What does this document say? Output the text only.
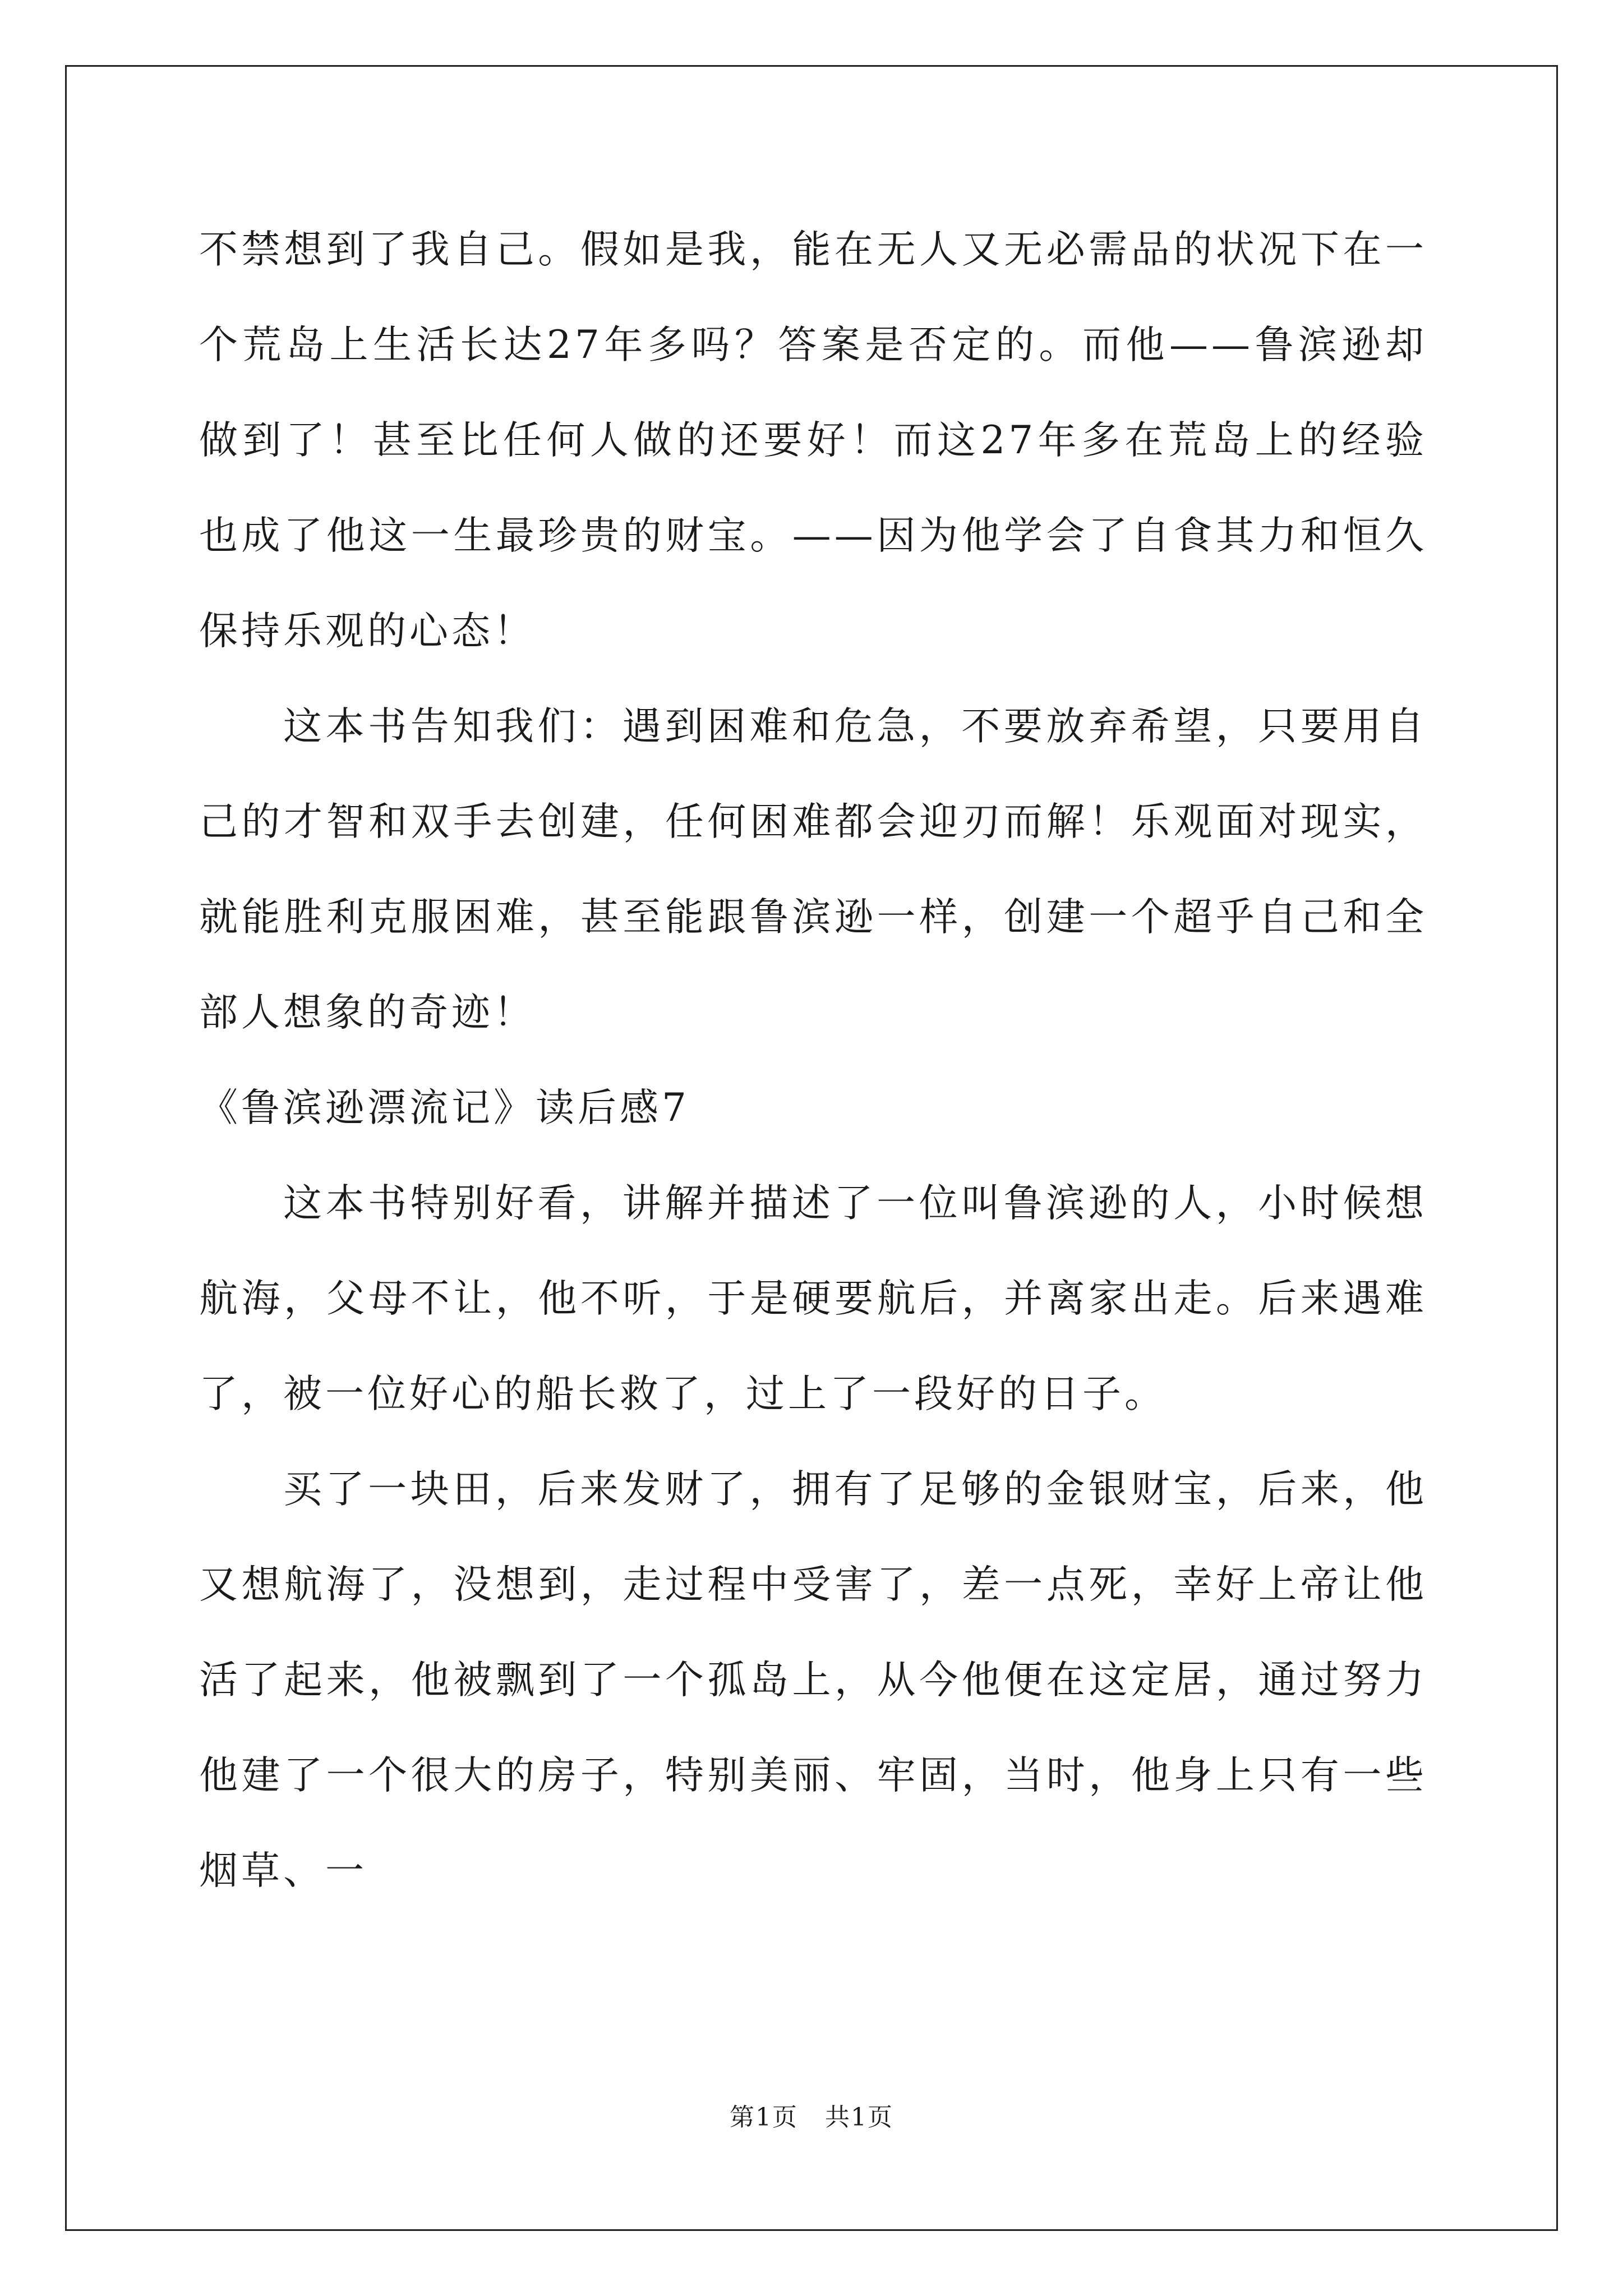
不禁想到了我自己。假如是我，能在无人又无必需品的状况下在一个荒岛上生活长达27年多吗？答案是否定的。而他——鲁滨逊却做到了！甚至比任何人做的还要好！而这27年多在荒岛上的经验也成了他这一生最珍贵的财宝。——因为他学会了自食其力和恒久保持乐观的心态！

这本书告知我们：遇到困难和危急，不要放弃希望，只要用自己的才智和双手去创建，任何困难都会迎刃而解！乐观面对现实，就能胜利克服困难，甚至能跟鲁滨逊一样，创建一个超乎自己和全部人想象的奇迹！

《鲁滨逊漂流记》读后感7

这本书特别好看，讲解并描述了一位叫鲁滨逊的人，小时候想航海，父母不让，他不听，于是硬要航后，并离家出走。后来遇难了，被一位好心的船长救了，过上了一段好的日子。

买了一块田，后来发财了，拥有了足够的金银财宝，后来，他又想航海了，没想到，走过程中受害了，差一点死，幸好上帝让他活了起来，他被飘到了一个孤岛上，从今他便在这定居，通过努力他建了一个很大的房子，特别美丽、牢固，当时，他身上只有一些烟草、一

第1页   共1页
